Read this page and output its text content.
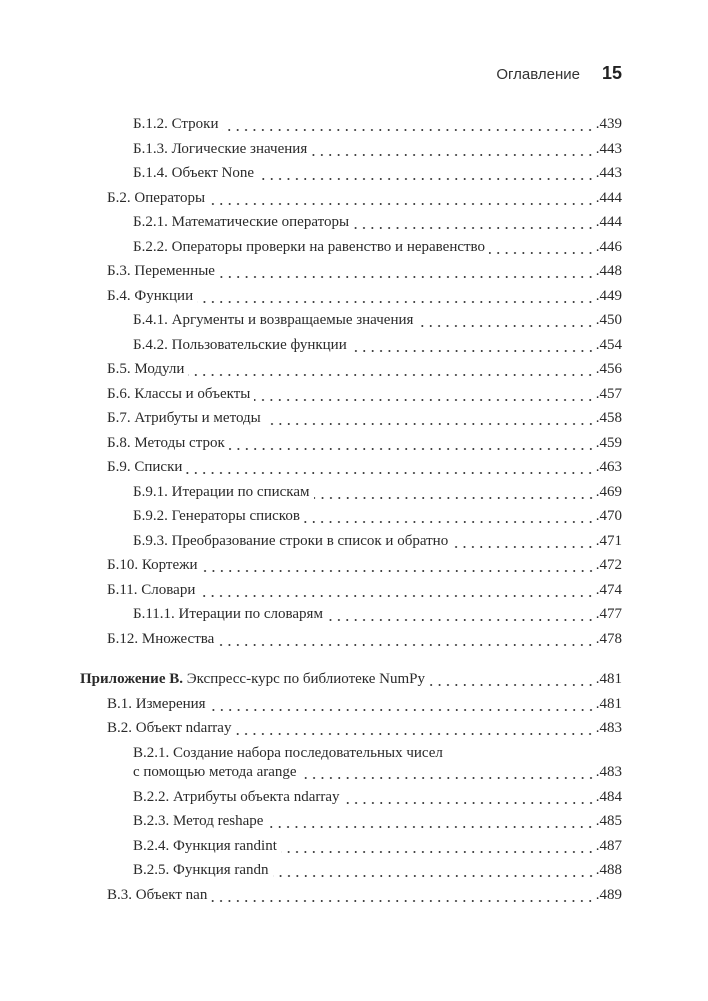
Оглавление 15
Б.1.2. Строки	.439
Б.1.3. Логические значения	.443
Б.1.4. Объект None	.443
Б.2. Операторы	.444
Б.2.1. Математические операторы	.444
Б.2.2. Операторы проверки на равенство и неравенство	.446
Б.3. Переменные	.448
Б.4. Функции	.449
Б.4.1. Аргументы и возвращаемые значения	.450
Б.4.2. Пользовательские функции	.454
Б.5. Модули	.456
Б.6. Классы и объекты	.457
Б.7. Атрибуты и методы	.458
Б.8. Методы строк	.459
Б.9. Списки	.463
Б.9.1. Итерации по спискам	.469
Б.9.2. Генераторы списков	.470
Б.9.3. Преобразование строки в список и обратно	.471
Б.10. Кортежи	.472
Б.11. Словари	.474
Б.11.1. Итерации по словарям	.477
Б.12. Множества	.478
Приложение В. Экспресс-курс по библиотеке NumPy	.481
В.1. Измерения	.481
В.2. Объект ndarray	.483
В.2.1. Создание набора последовательных чисел
с помощью метода arange	.483
В.2.2. Атрибуты объекта ndarray	.484
В.2.3. Метод reshape	.485
В.2.4. Функция randint	.487
В.2.5. Функция randn	.488
В.3. Объект nan	.489
